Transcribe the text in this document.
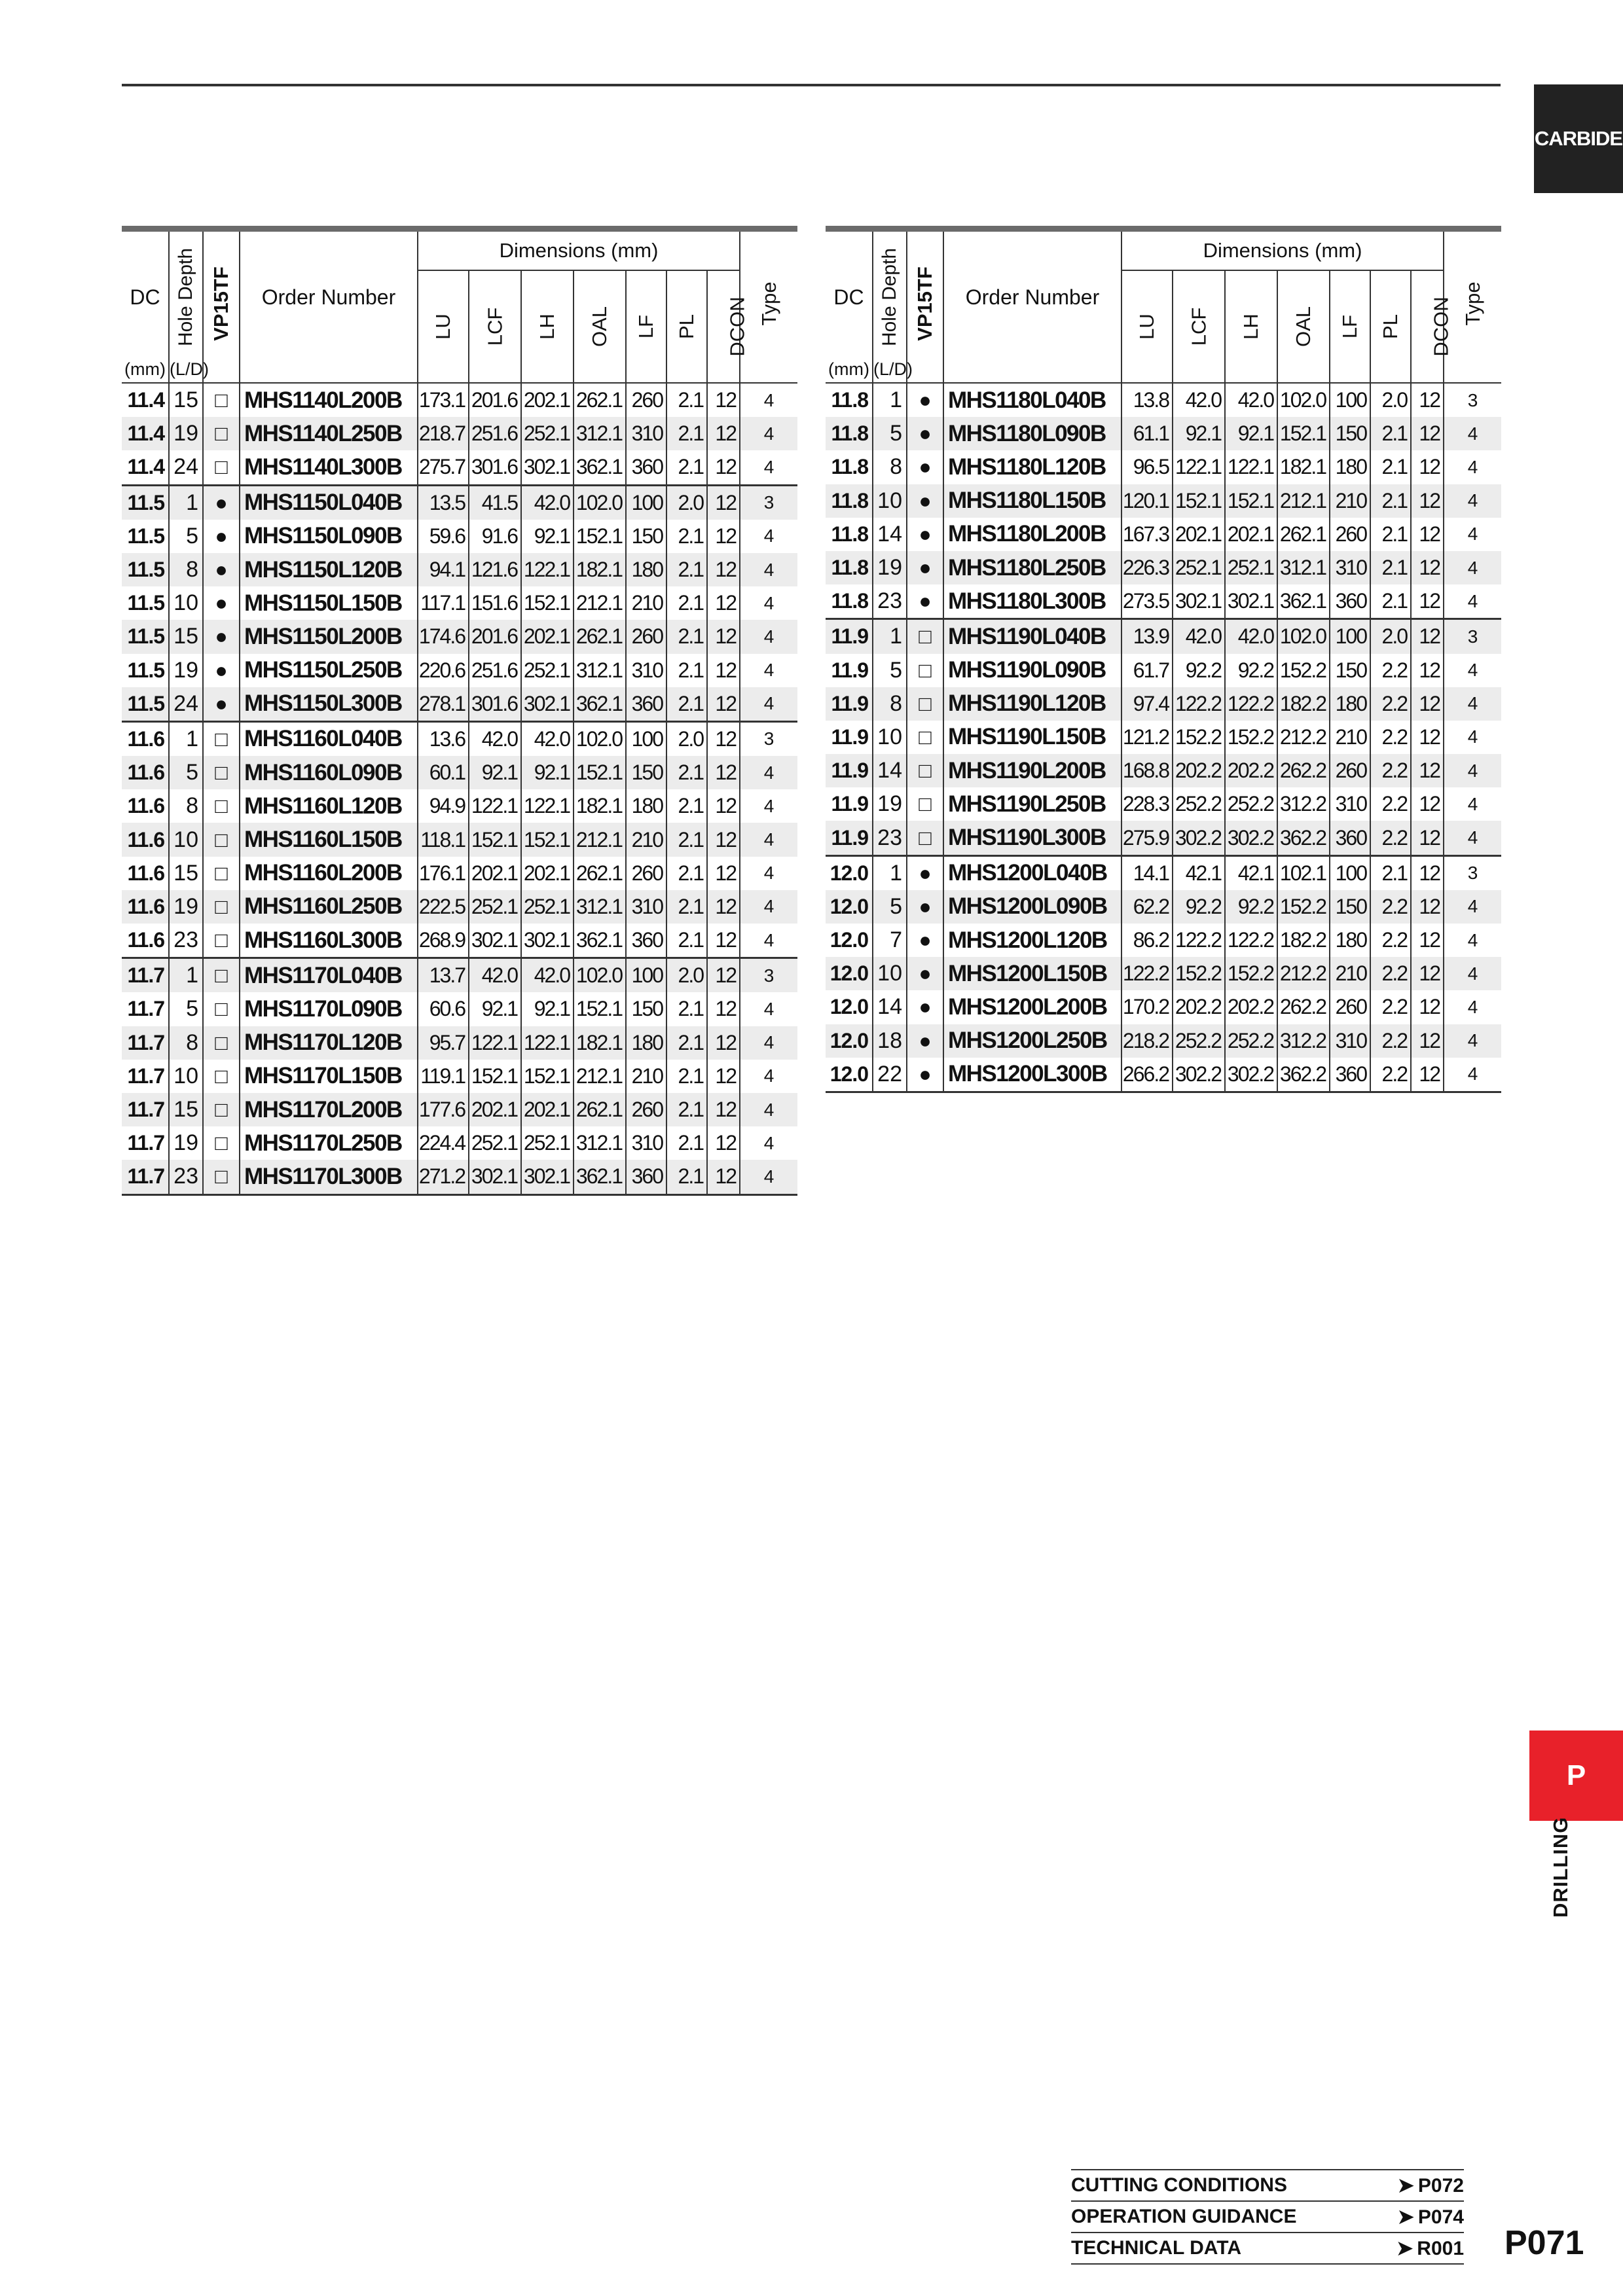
CARBIDE

DC
(mm)	Hole Depth
(L/D)	VP15TF	Order Number	Dimensions (mm)							Type

				LU	LCF	LH	OAL	LF	PL	DCON	
11.4	15	□	MHS1140L200B	173.1	201.6	202.1	262.1	260	2.1	12	4
11.4	19	□	MHS1140L250B	218.7	251.6	252.1	312.1	310	2.1	12	4
11.4	24	□	MHS1140L300B	275.7	301.6	302.1	362.1	360	2.1	12	4
11.5	1	●	MHS1150L040B	13.5	41.5	42.0	102.0	100	2.0	12	3
11.5	5	●	MHS1150L090B	59.6	91.6	92.1	152.1	150	2.1	12	4
11.5	8	●	MHS1150L120B	94.1	121.6	122.1	182.1	180	2.1	12	4
11.5	10	●	MHS1150L150B	117.1	151.6	152.1	212.1	210	2.1	12	4
11.5	15	●	MHS1150L200B	174.6	201.6	202.1	262.1	260	2.1	12	4
11.5	19	●	MHS1150L250B	220.6	251.6	252.1	312.1	310	2.1	12	4
11.5	24	●	MHS1150L300B	278.1	301.6	302.1	362.1	360	2.1	12	4
11.6	1	□	MHS1160L040B	13.6	42.0	42.0	102.0	100	2.0	12	3
11.6	5	□	MHS1160L090B	60.1	92.1	92.1	152.1	150	2.1	12	4
11.6	8	□	MHS1160L120B	94.9	122.1	122.1	182.1	180	2.1	12	4
11.6	10	□	MHS1160L150B	118.1	152.1	152.1	212.1	210	2.1	12	4
11.6	15	□	MHS1160L200B	176.1	202.1	202.1	262.1	260	2.1	12	4
11.6	19	□	MHS1160L250B	222.5	252.1	252.1	312.1	310	2.1	12	4
11.6	23	□	MHS1160L300B	268.9	302.1	302.1	362.1	360	2.1	12	4
11.7	1	□	MHS1170L040B	13.7	42.0	42.0	102.0	100	2.0	12	3
11.7	5	□	MHS1170L090B	60.6	92.1	92.1	152.1	150	2.1	12	4
11.7	8	□	MHS1170L120B	95.7	122.1	122.1	182.1	180	2.1	12	4
11.7	10	□	MHS1170L150B	119.1	152.1	152.1	212.1	210	2.1	12	4
11.7	15	□	MHS1170L200B	177.6	202.1	202.1	262.1	260	2.1	12	4
11.7	19	□	MHS1170L250B	224.4	252.1	252.1	312.1	310	2.1	12	4
11.7	23	□	MHS1170L300B	271.2	302.1	302.1	362.1	360	2.1	12	4

DC
(mm)	Hole Depth
(L/D)	VP15TF	Order Number	Dimensions (mm)							Type

				LU	LCF	LH	OAL	LF	PL	DCON	
11.8	1	●	MHS1180L040B	13.8	42.0	42.0	102.0	100	2.0	12	3
11.8	5	●	MHS1180L090B	61.1	92.1	92.1	152.1	150	2.1	12	4
11.8	8	●	MHS1180L120B	96.5	122.1	122.1	182.1	180	2.1	12	4
11.8	10	●	MHS1180L150B	120.1	152.1	152.1	212.1	210	2.1	12	4
11.8	14	●	MHS1180L200B	167.3	202.1	202.1	262.1	260	2.1	12	4
11.8	19	●	MHS1180L250B	226.3	252.1	252.1	312.1	310	2.1	12	4
11.8	23	●	MHS1180L300B	273.5	302.1	302.1	362.1	360	2.1	12	4
11.9	1	□	MHS1190L040B	13.9	42.0	42.0	102.0	100	2.0	12	3
11.9	5	□	MHS1190L090B	61.7	92.2	92.2	152.2	150	2.2	12	4
11.9	8	□	MHS1190L120B	97.4	122.2	122.2	182.2	180	2.2	12	4
11.9	10	□	MHS1190L150B	121.2	152.2	152.2	212.2	210	2.2	12	4
11.9	14	□	MHS1190L200B	168.8	202.2	202.2	262.2	260	2.2	12	4
11.9	19	□	MHS1190L250B	228.3	252.2	252.2	312.2	310	2.2	12	4
11.9	23	□	MHS1190L300B	275.9	302.2	302.2	362.2	360	2.2	12	4
12.0	1	●	MHS1200L040B	14.1	42.1	42.1	102.1	100	2.1	12	3
12.0	5	●	MHS1200L090B	62.2	92.2	92.2	152.2	150	2.2	12	4
12.0	7	●	MHS1200L120B	86.2	122.2	122.2	182.2	180	2.2	12	4
12.0	10	●	MHS1200L150B	122.2	152.2	152.2	212.2	210	2.2	12	4
12.0	14	●	MHS1200L200B	170.2	202.2	202.2	262.2	260	2.2	12	4
12.0	18	●	MHS1200L250B	218.2	252.2	252.2	312.2	310	2.2	12	4
12.0	22	●	MHS1200L300B	266.2	302.2	302.2	362.2	360	2.2	12	4
P
DRILLING
CUTTING CONDITIONS	➤ P072
OPERATION GUIDANCE	➤ P074
TECHNICAL DATA	➤ R001 P071
